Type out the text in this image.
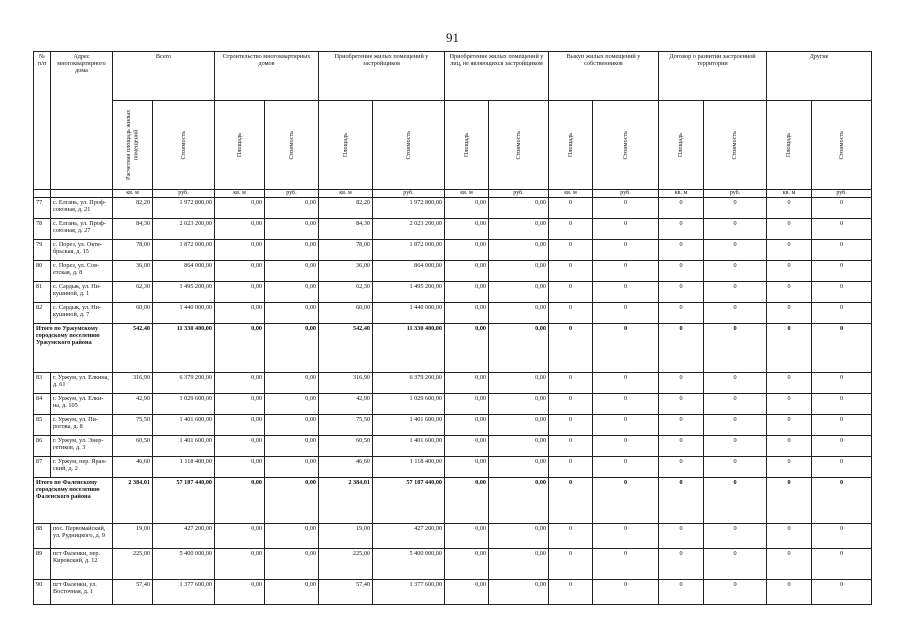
91
№ п/п	Адрес многоквартирного дома	Всего		Строительство многоквартирных домов		Приобретение жилых помещений у застройщиков		Приобретение жилых помещений у лиц, не являющихся застройщиком		Выкуп жилых помещений у собственников		Договор о развитии застроенной территории		Другие	

		Расчетная площадь жилых помещений	Стоимость	Площадь	Стоимость	Площадь	Стоимость	Площадь	Стоимость	Площадь	Стоимость	Площадь	Стоимость	Площадь	Стоимость

		кв. м	руб.	кв. м	руб.	кв. м	руб.	кв. м	руб.	кв. м	руб.	кв. м	руб.	кв. м	руб.
77	с. Елгань, ул. Проф-союзная, д. 21	82,20	1 972 800,00	0,00	0,00	82,20	1 972 800,00	0,00	0,00	0	0	0	0	0	0
78	с. Елгань, ул. Проф-союзная, д. 27	84,30	2 023 200,00	0,00	0,00	84,30	2 023 200,00	0,00	0,00	0	0	0	0	0	0
79	с. Порез, ул. Октя-брьская, д. 15	78,00	1 872 000,00	0,00	0,00	78,00	1 872 000,00	0,00	0,00	0	0	0	0	0	0
80	с. Порез, ул. Сов-етская, д. 8	36,00	864 000,00	0,00	0,00	36,00	864 000,00	0,00	0,00	0	0	0	0	0	0
81	с. Сардык, ул. Ни-кушиной, д. 1	62,30	1 495 200,00	0,00	0,00	62,30	1 495 200,00	0,00	0,00	0	0	0	0	0	0
82	с. Сардык, ул. Ни-кушиной, д. 7	60,00	1 440 000,00	0,00	0,00	60,00	1 440 000,00	0,00	0,00	0	0	0	0	0	0
Итого по Уржумскому городскому поселению Уржумского района		542,40	11 330 400,00	0,00	0,00	542,40	11 330 400,00	0,00	0,00	0	0	0	0	0	0
83	г. Уржум, ул. Елкина, д. 61	316,90	6 379 200,00	0,00	0,00	316,90	6 379 200,00	0,00	0,00	0	0	0	0	0	0
84	г. Уржум, ул. Елки-на, д. 105	42,90	1 029 600,00	0,00	0,00	42,90	1 029 600,00	0,00	0,00	0	0	0	0	0	0
85	г. Уржум, ул. Пи-рогова, д. 8	75,50	1 401 600,00	0,00	0,00	75,50	1 401 600,00	0,00	0,00	0	0	0	0	0	0
86	г. Уржум, ул. Энер-гетиков, д. 3	60,50	1 401 600,00	0,00	0,00	60,50	1 401 600,00	0,00	0,00	0	0	0	0	0	0
87	г. Уржум, пер. Яран-ский, д. 2	46,60	1 118 400,00	0,00	0,00	46,60	1 118 400,00	0,00	0,00	0	0	0	0	0	0
Итого по Фаленскому городскому поселению Фаленского района		2 384,01	57 187 440,00	0,00	0,00	2 384,01	57 187 440,00	0,00	0,00	0	0	0	0	0	0
88	пос. Первомайский, ул. Рудницкого, д. 9	19,00	427 200,00	0,00	0,00	19,00	427 200,00	0,00	0,00	0	0	0	0	0	0
89	пгт Фаленки, пер. Кировский, д. 12	225,00	5 400 000,00	0,00	0,00	225,00	5 400 000,00	0,00	0,00	0	0	0	0	0	0
90	пгт Фаленки, ул. Восточная, д. 1	57,40	1 377 600,00	0,00	0,00	57,40	1 377 600,00	0,00	0,00	0	0	0	0	0	0
